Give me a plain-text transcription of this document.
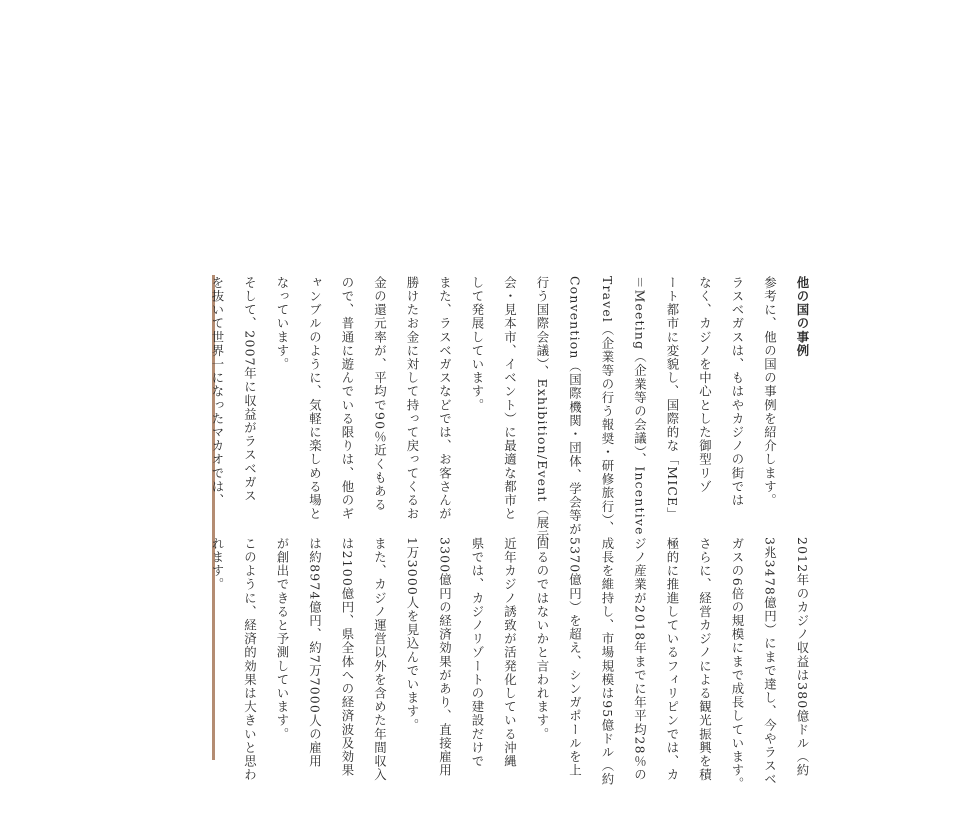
他の国の事例

参考に、他の国の事例を紹介します。

ラスベガスは、もはやカジノの街では

なく、カジノを中心とした御型リゾ

ート都市に変貌し、国際的な「MICE」

＝Meeting（企業等の会議）、Incentive

Travel（企業等の行う報奨・研修旅行）、

Convention（国際機関・団体、学会等が

行う国際会議）、Exhibition/Event（展示

会・見本市、イベント）に最適な都市と

して発展しています。

また、ラスベガスなどでは、お客さんが

勝けたお金に対して持って戻ってくるお

金の還元率が、平均で90％近くもある

ので、普通に遊んでいる限りは、他のギ

ャンブルのように、気軽に楽しめる場と

なっています。

そして、2007年に収益がラスベガス

を抜いて世界一になったマカオでは、

2012年のカジノ収益は380億ドル（約

3兆3478億円）にまで達し、今やラスベ

ガスの6倍の規模にまで成長しています。

さらに、経営カジノによる観光振興を積

極的に推進しているフィリピンでは、カ

ジノ産業が2018年までに年平均28％の

成長を維持し、市場規模は95億ドル（約

5370億円）を超え、シンガポールを上

回るのではないかと言われます。

近年カジノ誘致が活発化している沖縄

県では、カジノリゾートの建設だけで

3300億円の経済効果があり、直接雇用

1万3000人を見込んでいます。

また、カジノ運営以外を含めた年間収入

は2100億円、県全体への経済波及効果

は約8974億円、約7万7000人の雇用

が創出できると予測しています。

このように、経済的効果は大きいと思わ

れます。
